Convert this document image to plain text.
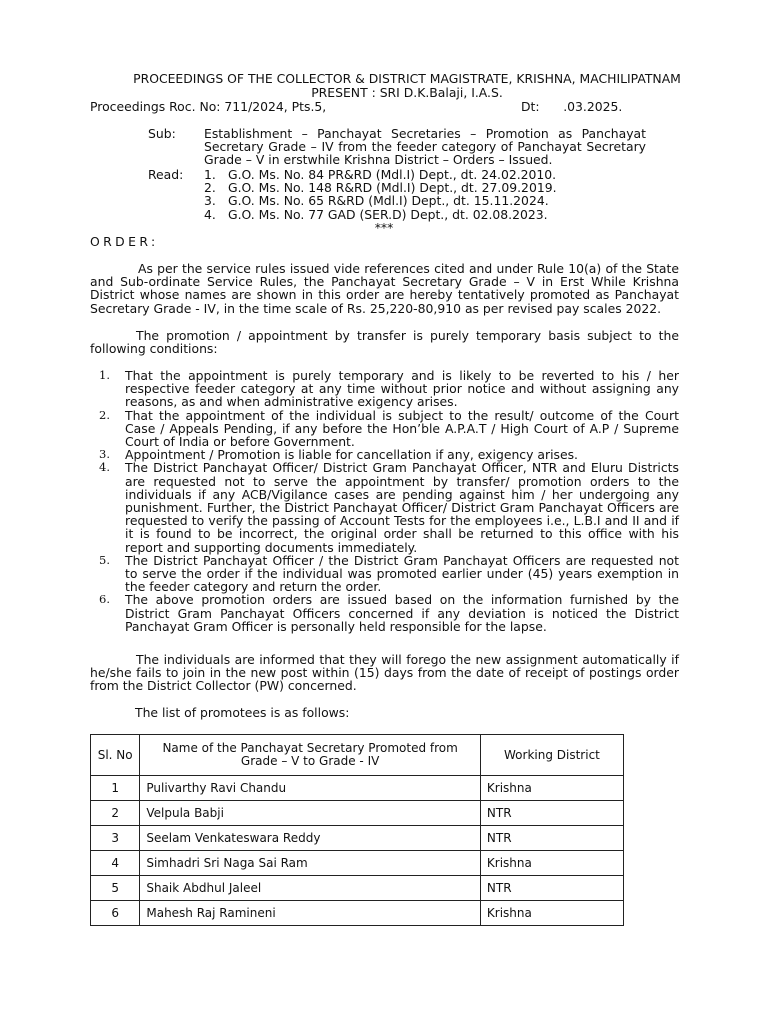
PROCEEDINGS OF THE COLLECTOR & DISTRICT MAGISTRATE, KRISHNA, MACHILIPATNAM
PRESENT : SRI D.K.Balaji, I.A.S.
Proceedings Roc. No: 711/2024, Pts.5,	Dt:      .03.2025.
Sub: Establishment – Panchayat Secretaries – Promotion as Panchayat Secretary Grade – IV from the feeder category of Panchayat Secretary Grade – V in erstwhile Krishna District – Orders – Issued.
Read: 1. G.O. Ms. No. 84 PR&RD (Mdl.I) Dept., dt. 24.02.2010.
2. G.O. Ms. No. 148 R&RD (Mdl.I) Dept., dt. 27.09.2019.
3. G.O. Ms. No. 65 R&RD (Mdl.I) Dept., dt. 15.11.2024.
4. G.O. Ms. No. 77 GAD (SER.D) Dept., dt. 02.08.2023.
***
ORDER:
As per the service rules issued vide references cited and under Rule 10(a) of the State and Sub-ordinate Service Rules, the Panchayat Secretary Grade – V in Erst While Krishna District whose names are shown in this order are hereby tentatively promoted as Panchayat Secretary Grade - IV, in the time scale of Rs. 25,220-80,910 as per revised pay scales 2022.
The promotion / appointment by transfer is purely temporary basis subject to the following conditions:
1. That the appointment is purely temporary and is likely to be reverted to his / her respective feeder category at any time without prior notice and without assigning any reasons, as and when administrative exigency arises.
2. That the appointment of the individual is subject to the result/ outcome of the Court Case / Appeals Pending, if any before the Hon’ble A.P.A.T / High Court of A.P / Supreme Court of India or before Government.
3. Appointment / Promotion is liable for cancellation if any, exigency arises.
4. The District Panchayat Officer/ District Gram Panchayat Officer, NTR and Eluru Districts are requested not to serve the appointment by transfer/ promotion orders to the individuals if any ACB/Vigilance cases are pending against him / her undergoing any punishment. Further, the District Panchayat Officer/ District Gram Panchayat Officers are requested to verify the passing of Account Tests for the employees i.e., L.B.I and II and if it is found to be incorrect, the original order shall be returned to this office with his report and supporting documents immediately.
5. The District Panchayat Officer / the District Gram Panchayat Officers are requested not to serve the order if the individual was promoted earlier under (45) years exemption in the feeder category and return the order.
6. The above promotion orders are issued based on the information furnished by the District Gram Panchayat Officers concerned if any deviation is noticed the District Panchayat Gram Officer is personally held responsible for the lapse.
The individuals are informed that they will forego the new assignment automatically if he/she fails to join in the new post within (15) days from the date of receipt of postings order from the District Collector (PW) concerned.
The list of promotees is as follows:
Sl. No	Name of the Panchayat Secretary Promoted from Grade – V to Grade - IV	Working District
1	Pulivarthy Ravi Chandu	Krishna
2	Velpula Babji	NTR
3	Seelam Venkateswara Reddy	NTR
4	Simhadri Sri Naga Sai Ram	Krishna
5	Shaik Abdhul Jaleel	NTR
6	Mahesh Raj Ramineni	Krishna
